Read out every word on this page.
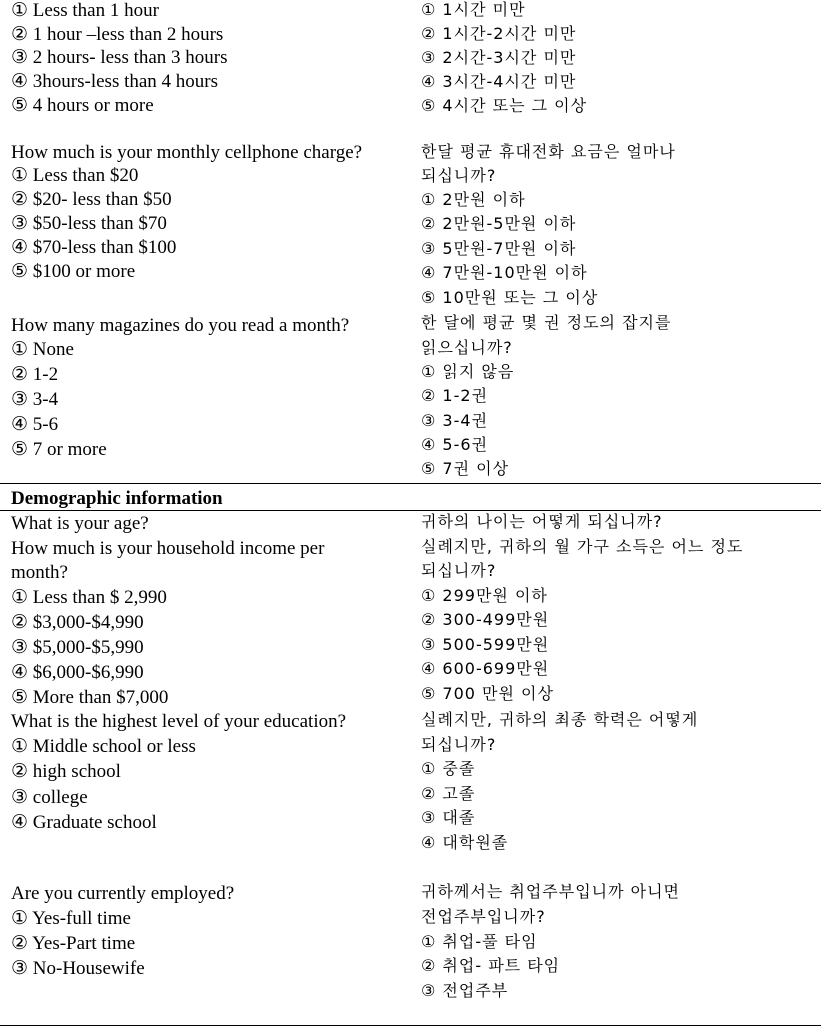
① Less than 1 hour
② 1 hour –less than 2 hours
③ 2 hours- less than 3 hours
④ 3hours-less than 4 hours
⑤ 4 hours or more
How much is your monthly cellphone charge?
① Less than $20
② $20- less than $50
③ $50-less than $70
④ $70-less than $100
⑤ $100 or more
How many magazines do you read a month?
① None
② 1-2
③ 3-4
④ 5-6
⑤ 7 or more
Demographic information
What is your age?
How much is your household income per
month?
① Less than $ 2,990
② $3,000-$4,990
③ $5,000-$5,990
④ $6,000-$6,990
⑤ More than $7,000
What is the highest level of your education?
① Middle school or less
② high school
③ college
④ Graduate school
Are you currently employed?
① Yes-full time
② Yes-Part time
③ No-Housewife
① 1시간 미만
② 1시간-2시간 미만
③ 2시간-3시간 미만
④ 3시간-4시간 미만
⑤ 4시간 또는 그 이상
한달 평균 휴대전화 요금은 얼마나
되십니까?
① 2만원 이하
② 2만원-5만원 이하
③ 5만원-7만원 이하
④ 7만원-10만원 이하
⑤ 10만원 또는 그 이상
한 달에 평균 몇 권 정도의 잡지를
읽으십니까?
① 읽지 않음
② 1-2권
③ 3-4권
④ 5-6권
⑤ 7권 이상
귀하의 나이는 어떻게 되십니까?
실례지만, 귀하의 월 가구 소득은 어느 정도
되십니까?
① 299만원 이하
② 300-499만원
③ 500-599만원
④ 600-699만원
⑤ 700 만원 이상
실례지만, 귀하의 최종 학력은 어떻게
되십니까?
① 중졸
② 고졸
③ 대졸
④ 대학원졸
귀하께서는 취업주부입니까 아니면
전업주부입니까?
① 취업-풀 타임
② 취업- 파트 타임
③ 전업주부
